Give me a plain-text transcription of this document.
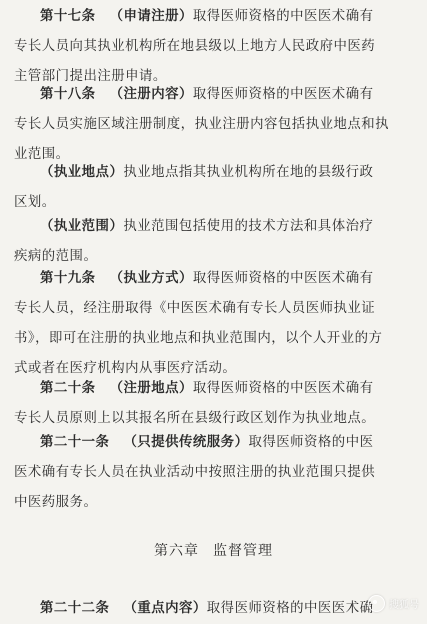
第十七条 （申请注册）取得医师资格的中医医术确有
专长人员向其执业机构所在地县级以上地方人民政府中医药
主管部门提出注册申请。
第十八条 （注册内容）取得医师资格的中医医术确有
专长人员实施区域注册制度，执业注册内容包括执业地点和执
业范围。
（执业地点）执业地点指其执业机构所在地的县级行政
区划。
（执业范围）执业范围包括使用的技术方法和具体治疗
疾病的范围。
第十九条 （执业方式）取得医师资格的中医医术确有
专长人员，经注册取得《中医医术确有专长人员医师执业证
书》，即可在注册的执业地点和执业范围内，以个人开业的方
式或者在医疗机构内从事医疗活动。
第二十条 （注册地点）取得医师资格的中医医术确有
专长人员原则上以其报名所在县级行政区划作为执业地点。
第二十一条 （只提供传统服务）取得医师资格的中医
医术确有专长人员在执业活动中按照注册的执业范围只提供
中医药服务。
第六章 监督管理
第二十二条 （重点内容）取得医师资格的中医医术确 搜狐号
